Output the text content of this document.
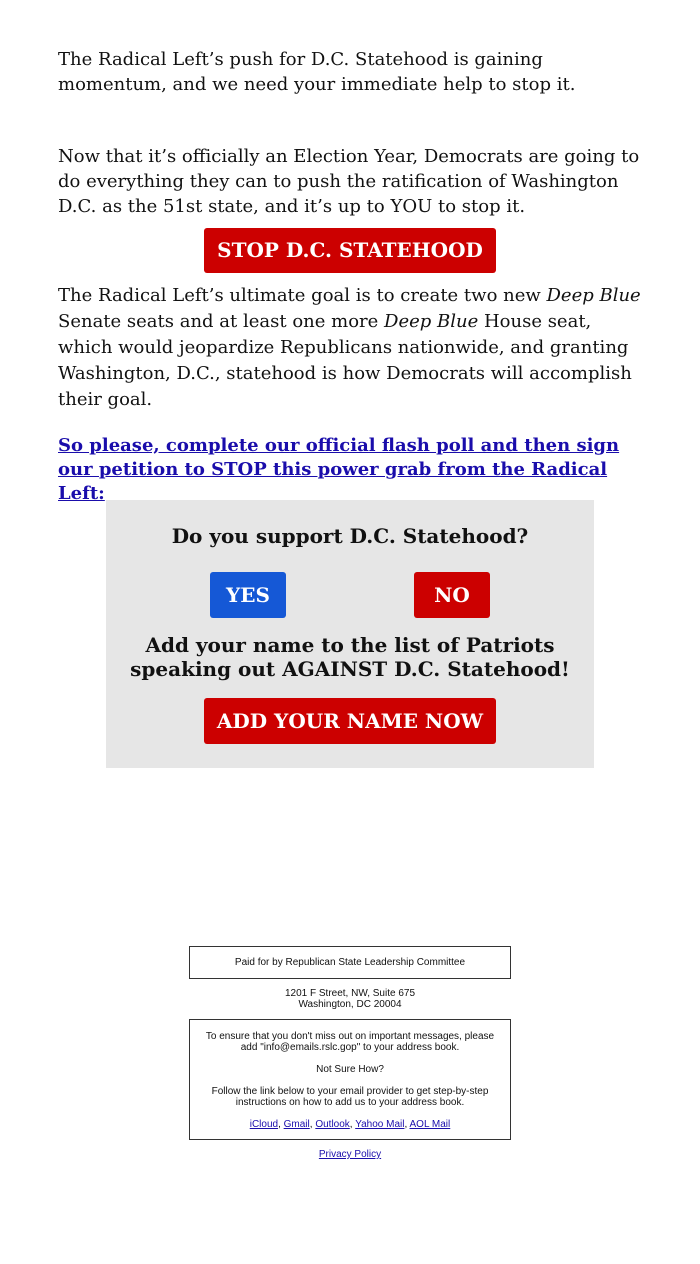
The Radical Left’s push for D.C. Statehood is gaining momentum, and we need your immediate help to stop it.

Now that it’s officially an Election Year, Democrats are going to do everything they can to push the ratification of Washington D.C. as the 51st state, and it’s up to YOU to stop it.

STOP D.C. STATEHOOD

The Radical Left’s ultimate goal is to create two new Deep Blue Senate seats and at least one more Deep Blue House seat, which would jeopardize Republicans nationwide, and granting Washington, D.C., statehood is how Democrats will accomplish their goal.

So please, complete our official flash poll and then sign our petition to STOP this power grab from the Radical Left:
Do you support D.C. Statehood?
YES	NO
Add your name to the list of Patriots
speaking out AGAINST D.C. Statehood!
ADD YOUR NAME NOW
Paid for by Republican State Leadership Committee
1201 F Street, NW, Suite 675
Washington, DC 20004

To ensure that you don't miss out on important messages, please add "info@emails.rslc.gop" to your address book.

Not Sure How?

Follow the link below to your email provider to get step-by-step instructions on how to add us to your address book.

iCloud, Gmail, Outlook, Yahoo Mail, AOL Mail

Privacy Policy
